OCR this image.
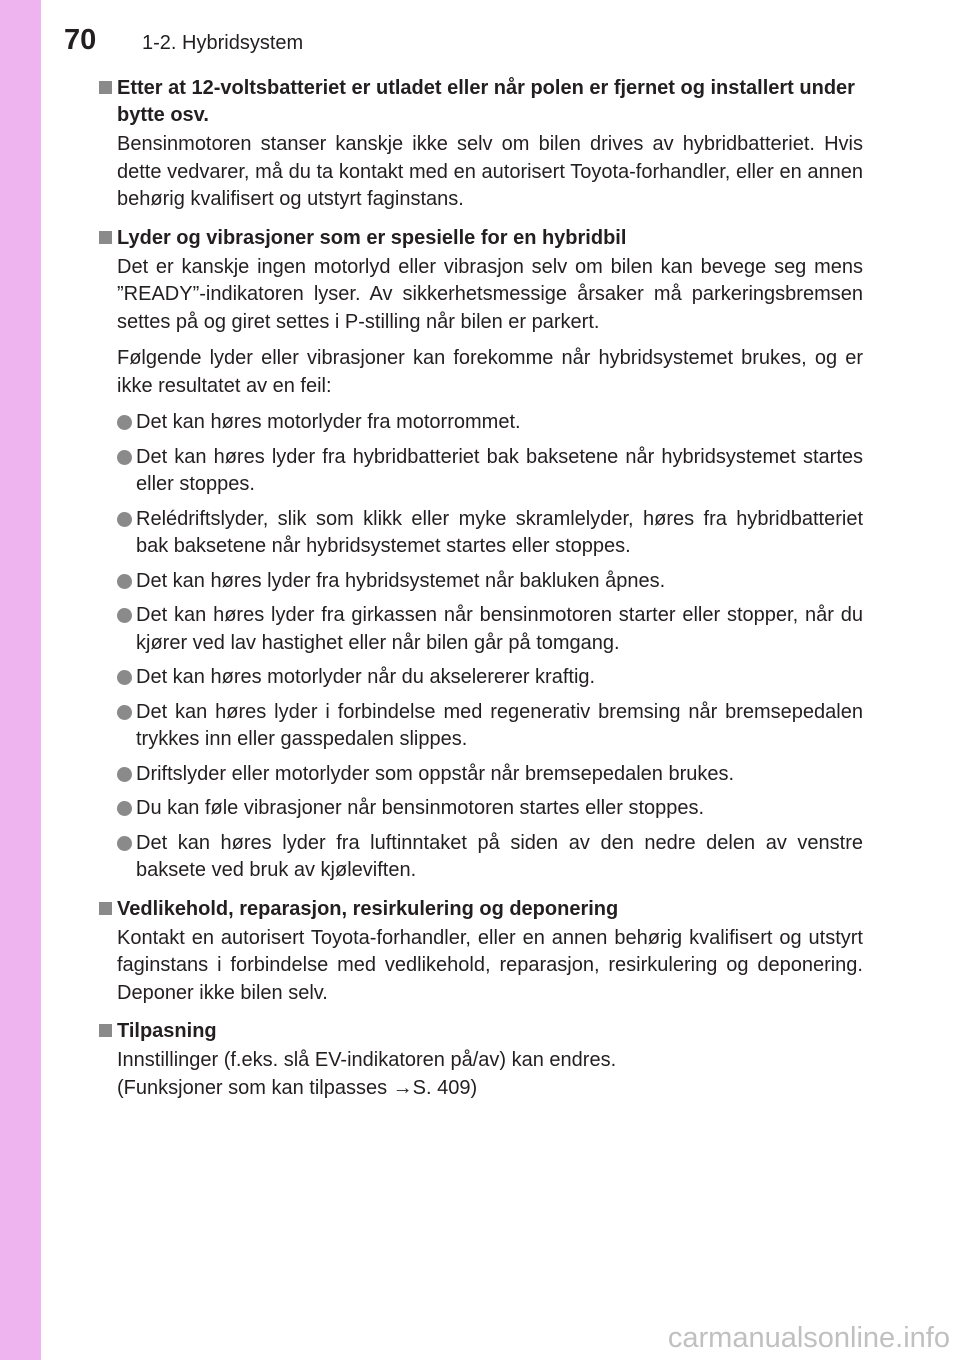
70 1-2. Hybridsystem
Etter at 12-voltsbatteriet er utladet eller når polen er fjernet og installert under bytte osv.
Bensinmotoren stanser kanskje ikke selv om bilen drives av hybridbatteriet. Hvis dette vedvarer, må du ta kontakt med en autorisert Toyota-forhandler, eller en annen behørig kvalifisert og utstyrt faginstans.
Lyder og vibrasjoner som er spesielle for en hybridbil
Det er kanskje ingen motorlyd eller vibrasjon selv om bilen kan bevege seg mens ”READY”-indikatoren lyser. Av sikkerhetsmessige årsaker må parkeringsbremsen settes på og giret settes i P-stilling når bilen er parkert.
Følgende lyder eller vibrasjoner kan forekomme når hybridsystemet brukes, og er ikke resultatet av en feil:
Det kan høres motorlyder fra motorrommet.
Det kan høres lyder fra hybridbatteriet bak baksetene når hybridsystemet startes eller stoppes.
Relédriftslyder, slik som klikk eller myke skramlelyder, høres fra hybridbatteriet bak baksetene når hybridsystemet startes eller stoppes.
Det kan høres lyder fra hybridsystemet når bakluken åpnes.
Det kan høres lyder fra girkassen når bensinmotoren starter eller stopper, når du kjører ved lav hastighet eller når bilen går på tomgang.
Det kan høres motorlyder når du akselererer kraftig.
Det kan høres lyder i forbindelse med regenerativ bremsing når bremsepedalen trykkes inn eller gasspedalen slippes.
Driftslyder eller motorlyder som oppstår når bremsepedalen brukes.
Du kan føle vibrasjoner når bensinmotoren startes eller stoppes.
Det kan høres lyder fra luftinntaket på siden av den nedre delen av venstre baksete ved bruk av kjøleviften.
Vedlikehold, reparasjon, resirkulering og deponering
Kontakt en autorisert Toyota-forhandler, eller en annen behørig kvalifisert og utstyrt faginstans i forbindelse med vedlikehold, reparasjon, resirkulering og deponering. Deponer ikke bilen selv.
Tilpasning
Innstillinger (f.eks. slå EV-indikatoren på/av) kan endres.
(Funksjoner som kan tilpasses →S. 409)
carmanualsonline.info
